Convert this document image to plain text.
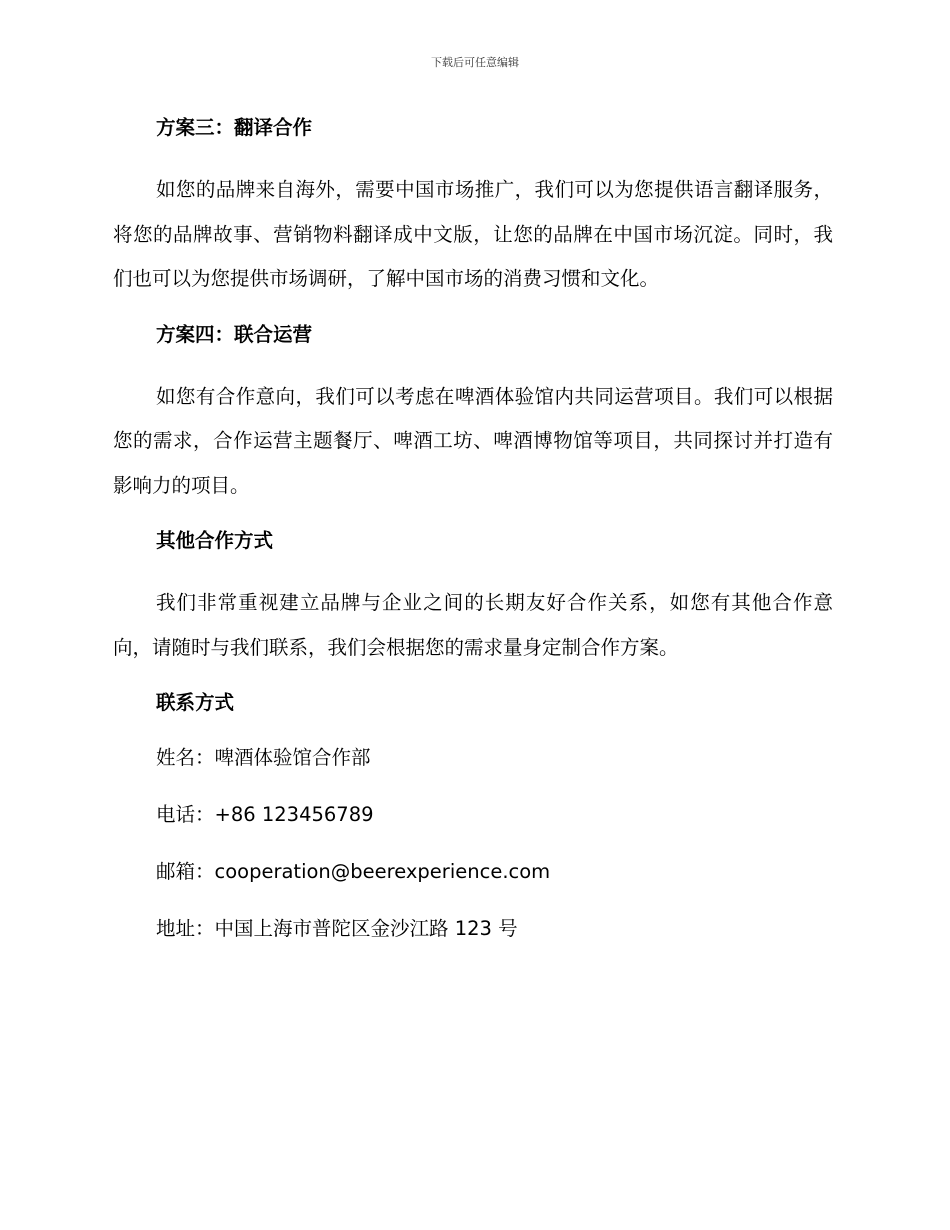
下载后可任意编辑
方案三：翻译合作

如您的品牌来自海外，需要中国市场推广，我们可以为您提供语言翻译服务，将您的品牌故事、营销物料翻译成中文版，让您的品牌在中国市场沉淀。同时，我们也可以为您提供市场调研，了解中国市场的消费习惯和文化。

方案四：联合运营

如您有合作意向，我们可以考虑在啤酒体验馆内共同运营项目。我们可以根据您的需求，合作运营主题餐厅、啤酒工坊、啤酒博物馆等项目，共同探讨并打造有影响力的项目。

其他合作方式

我们非常重视建立品牌与企业之间的长期友好合作关系，如您有其他合作意向，请随时与我们联系，我们会根据您的需求量身定制合作方案。

联系方式
姓名：啤酒体验馆合作部
电话：+86 123456789
邮箱：cooperation@beerexperience.com
地址：中国上海市普陀区金沙江路 123 号
